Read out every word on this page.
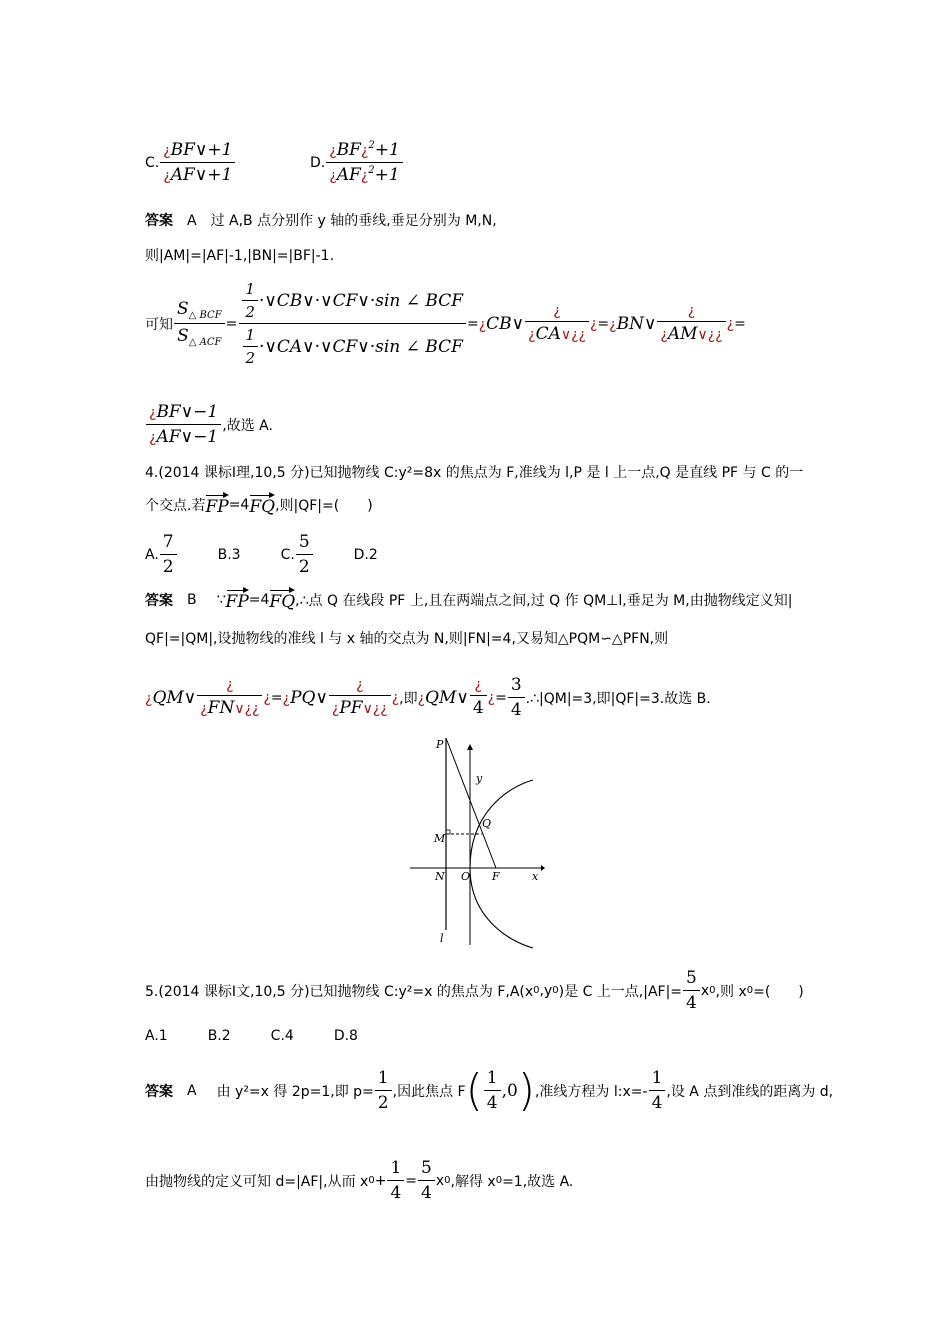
C. $\frac{¿BF\vee+1}{¿AF\vee+1}$	D. $\frac{¿BF¿^2+1}{¿AF¿^2+1}$
答案 A 过 A,B 点分别作 y 轴的垂线,垂足分别为 M,N,
则|AM|=|AF|-1,|BN|=|BF|-1.
可知 $\frac{S_{\triangle BCF}}{S_{\triangle ACF}} = \frac{\frac{1}{2} \cdot\vee CB\vee\cdot\vee CF\vee\cdot\sin \angle BCF}{\frac{1}{2} \cdot\vee CA\vee\cdot\vee CF\vee\cdot\sin \angle BCF}$ = ¿CB∨ $\frac{¿}{¿CA\vee¿¿}$ ¿ = ¿BN∨ $\frac{¿}{¿AM\vee¿¿}$ ¿ =
$\frac{¿BF\vee-1}{¿AF\vee-1}$ ,故选 A.
4.(2014 课标Ⅰ理,10,5 分)已知抛物线 C:y²=8x 的焦点为 F,准线为 l,P 是 l 上一点,Q 是直线 PF 与 C 的一
个交点.若 FP =4 FQ ,则|QF|=(　　)
A. $\frac{7}{2}$	B.3	C. $\frac{5}{2}$	D.2
答案 B ∵ FP =4 FQ ,∴点 Q 在线段 PF 上,且在两端点之间,过 Q 作 QM⊥l,垂足为 M,由抛物线定义知|
QF|=|QM|,设抛物线的准线 l 与 x 轴的交点为 N,则|FN|=4,又易知△PQM∽△PFN,则
¿QM∨ $\frac{¿}{¿FN\vee¿¿}$ ¿ = ¿PQ∨ $\frac{¿}{¿PF\vee¿¿}$ ¿ ,即 ¿QM∨ $\frac{¿}{4}$ ¿ = $\frac{3}{4}$ .∴|QM|=3,即|QF|=3.故选 B.
P
y
Q
M
N O F	x
l
5.(2014 课标Ⅰ文,10,5 分)已知抛物线 C:y²=x 的焦点为 F,A(x 0 ,y 0 )是 C 上一点$,|AF|= \frac{5}{4}$ x 0 ,则 x 0 =(　　)
A.1	B.2	C.4	D.8
答案 A 由 y²=x 得 2p=1,即 $p= \frac{1}{2}$ ,因此焦点 F ( $\frac{1}{4} ,0$ ) ,准线方程为 l:x=- $\frac{1}{4}$ ,设 A 点到准线的距离为 d,
由抛物线的定义可知 d=|AF|,从而 x $0 + \frac{1}{4} = \frac{5}{4}$ x 0 ,解得 x 0 =1,故选 A.
